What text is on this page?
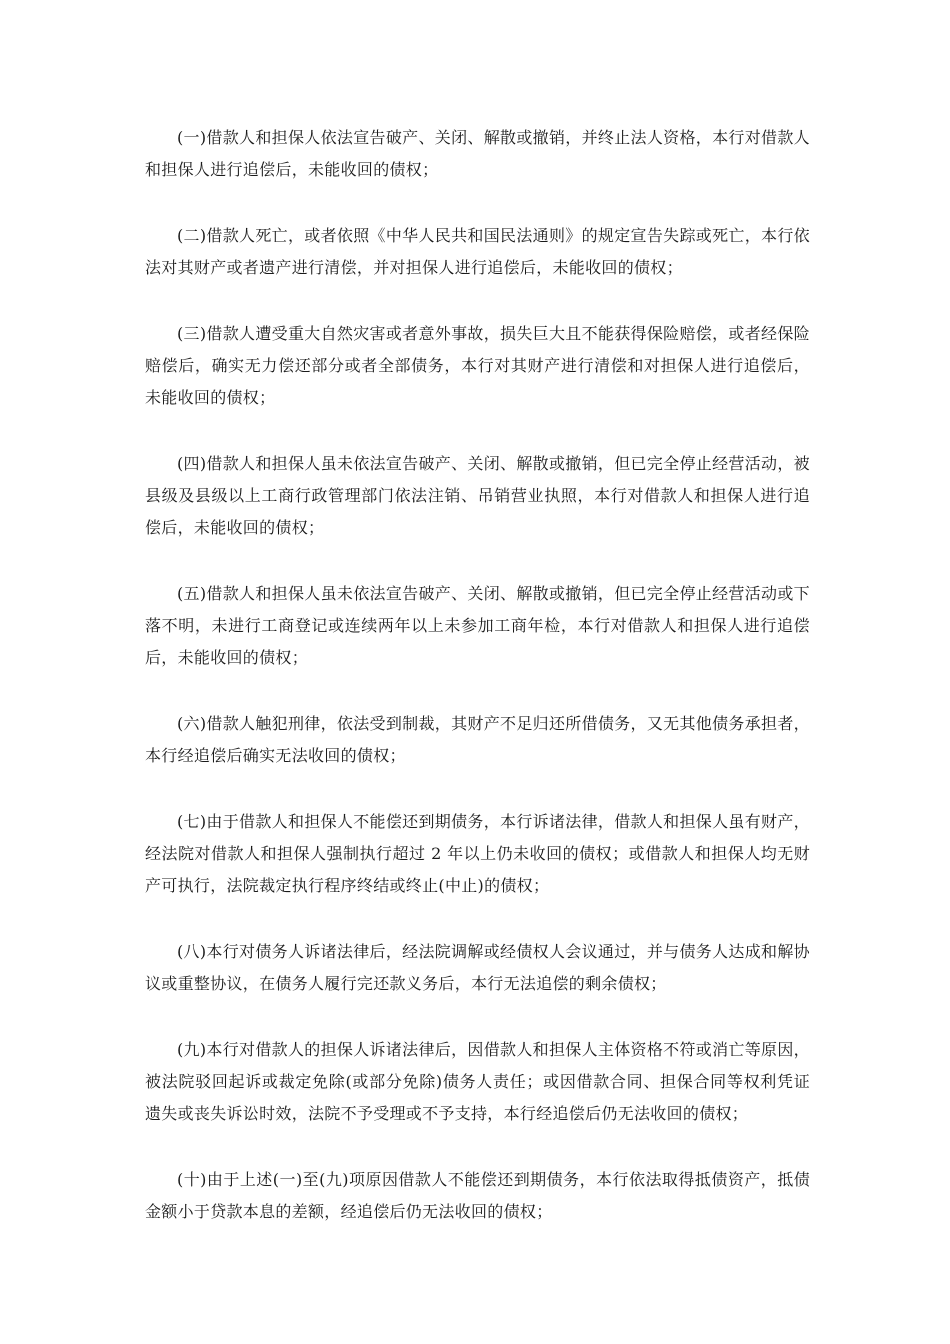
(一)借款人和担保人依法宣告破产、关闭、解散或撤销，并终止法人资格，本行对借款人和担保人进行追偿后，未能收回的债权；

(二)借款人死亡，或者依照《中华人民共和国民法通则》的规定宣告失踪或死亡，本行依法对其财产或者遗产进行清偿，并对担保人进行追偿后，未能收回的债权；

(三)借款人遭受重大自然灾害或者意外事故，损失巨大且不能获得保险赔偿，或者经保险赔偿后，确实无力偿还部分或者全部债务，本行对其财产进行清偿和对担保人进行追偿后，未能收回的债权；

(四)借款人和担保人虽未依法宣告破产、关闭、解散或撤销，但已完全停止经营活动，被县级及县级以上工商行政管理部门依法注销、吊销营业执照，本行对借款人和担保人进行追偿后，未能收回的债权；

(五)借款人和担保人虽未依法宣告破产、关闭、解散或撤销，但已完全停止经营活动或下落不明，未进行工商登记或连续两年以上未参加工商年检，本行对借款人和担保人进行追偿后，未能收回的债权；

(六)借款人触犯刑律，依法受到制裁，其财产不足归还所借债务，又无其他债务承担者，本行经追偿后确实无法收回的债权；

(七)由于借款人和担保人不能偿还到期债务，本行诉诸法律，借款人和担保人虽有财产，经法院对借款人和担保人强制执行超过 2 年以上仍未收回的债权；或借款人和担保人均无财产可执行，法院裁定执行程序终结或终止(中止)的债权；

(八)本行对债务人诉诸法律后，经法院调解或经债权人会议通过，并与债务人达成和解协议或重整协议，在债务人履行完还款义务后，本行无法追偿的剩余债权；

(九)本行对借款人的担保人诉诸法律后，因借款人和担保人主体资格不符或消亡等原因，被法院驳回起诉或裁定免除(或部分免除)债务人责任；或因借款合同、担保合同等权利凭证遗失或丧失诉讼时效，法院不予受理或不予支持，本行经追偿后仍无法收回的债权；

(十)由于上述(一)至(九)项原因借款人不能偿还到期债务，本行依法取得抵债资产，抵债金额小于贷款本息的差额，经追偿后仍无法收回的债权；
